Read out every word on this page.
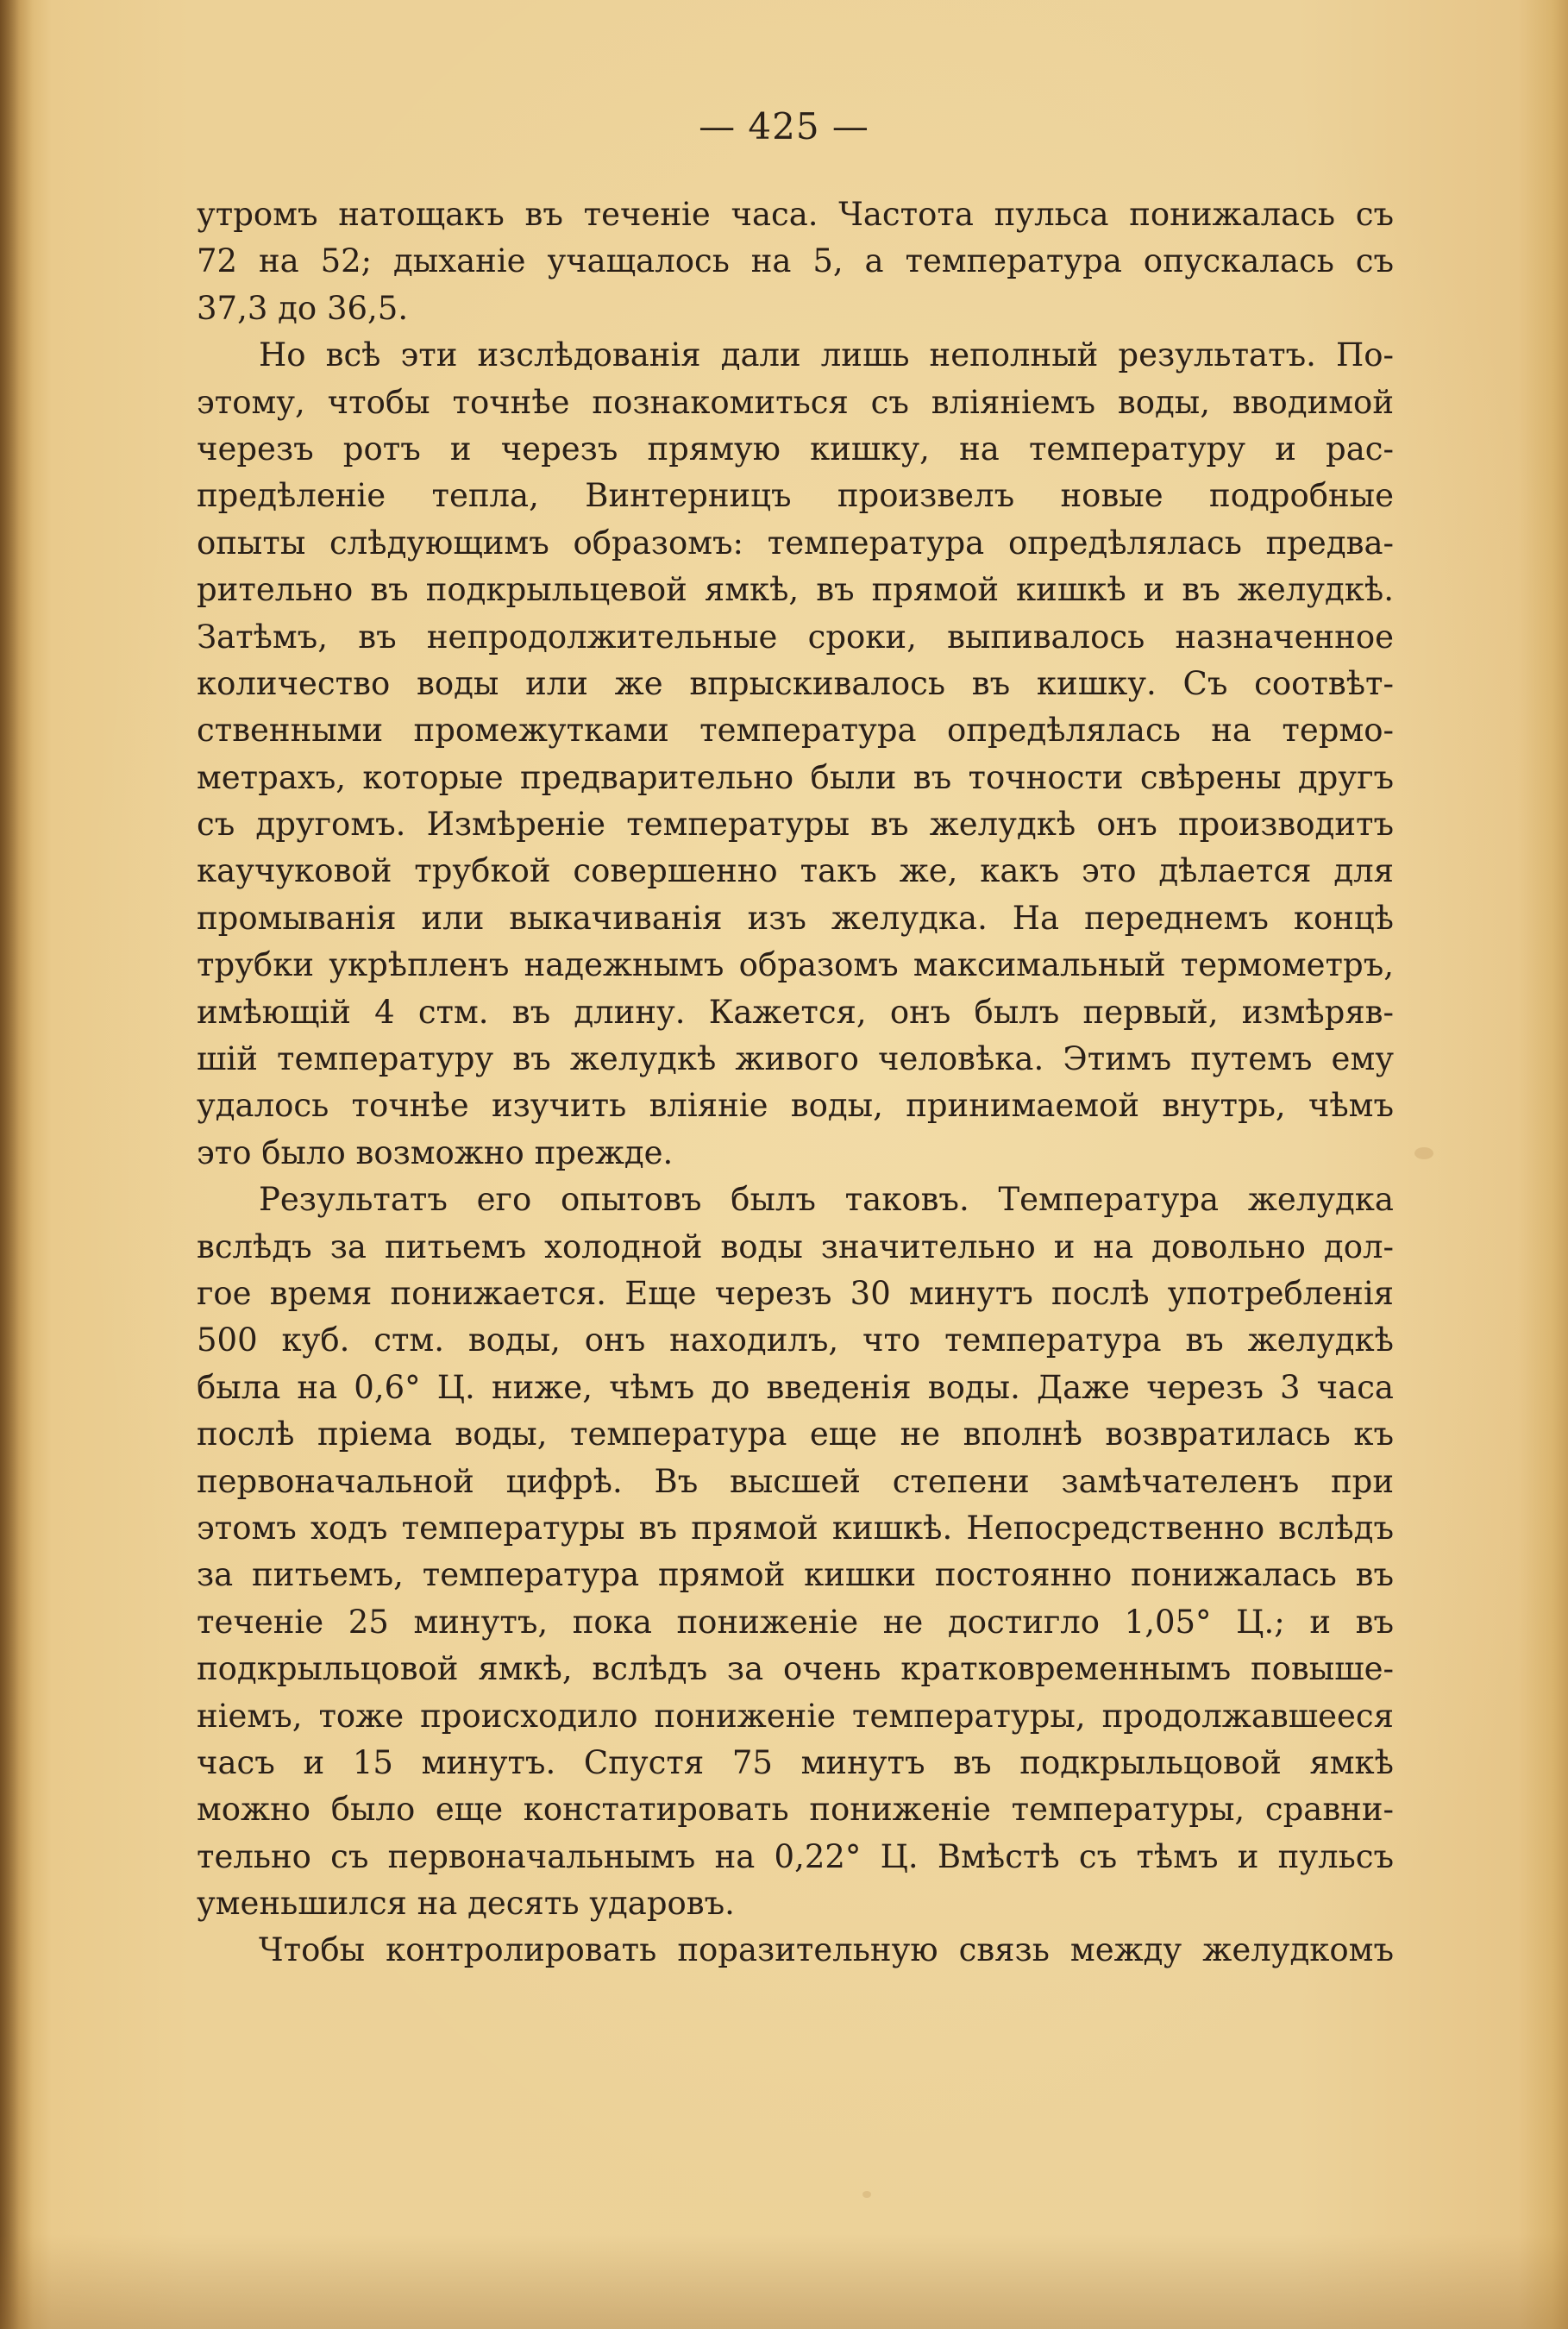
— 425 —
утромъ натощакъ въ теченіе часа. Частота пульса понижалась съ
72 на 52; дыханіе учащалось на 5, а температура опускалась съ
37,3 до 36,5.
Но всѣ эти изслѣдованія дали лишь неполный результатъ. По-
этому, чтобы точнѣе познакомиться съ вліяніемъ воды, вводимой
черезъ ротъ и черезъ прямую кишку, на температуру и рас-
предѣленіе тепла, Винтерницъ произвелъ новые подробные
опыты слѣдующимъ образомъ: температура опредѣлялась предва-
рительно въ подкрыльцевой ямкѣ, въ прямой кишкѣ и въ желудкѣ.
Затѣмъ, въ непродолжительные сроки, выпивалось назначенное
количество воды или же впрыскивалось въ кишку. Съ соотвѣт-
ственными промежутками температура опредѣлялась на термо-
метрахъ, которые предварительно были въ точности свѣрены другъ
съ другомъ. Измѣреніе температуры въ желудкѣ онъ производитъ
каучуковой трубкой совершенно такъ же, какъ это дѣлается для
промыванія или выкачиванія изъ желудка. На переднемъ концѣ
трубки укрѣпленъ надежнымъ образомъ максимальный термометръ,
имѣющій 4 стм. въ длину. Кажется, онъ былъ первый, измѣряв-
шій температуру въ желудкѣ живого человѣка. Этимъ путемъ ему
удалось точнѣе изучить вліяніе воды, принимаемой внутрь, чѣмъ
это было возможно прежде.
Результатъ его опытовъ былъ таковъ. Температура желудка
вслѣдъ за питьемъ холодной воды значительно и на довольно дол-
гое время понижается. Еще черезъ 30 минутъ послѣ употребленія
500 куб. стм. воды, онъ находилъ, что температура въ желудкѣ
была на 0,6° Ц. ниже, чѣмъ до введенія воды. Даже черезъ 3 часа
послѣ пріема воды, температура еще не вполнѣ возвратилась къ
первоначальной цифрѣ. Въ высшей степени замѣчателенъ при
этомъ ходъ температуры въ прямой кишкѣ. Непосредственно вслѣдъ
за питьемъ, температура прямой кишки постоянно понижалась въ
теченіе 25 минутъ, пока пониженіе не достигло 1,05° Ц.; и въ
подкрыльцовой ямкѣ, вслѣдъ за очень кратковременнымъ повыше-
ніемъ, тоже происходило пониженіе температуры, продолжавшееся
часъ и 15 минутъ. Спустя 75 минутъ въ подкрыльцовой ямкѣ
можно было еще констатировать пониженіе температуры, сравни-
тельно съ первоначальнымъ на 0,22° Ц. Вмѣстѣ съ тѣмъ и пульсъ
уменьшился на десять ударовъ.
Чтобы контролировать поразительную связь между желудкомъ
